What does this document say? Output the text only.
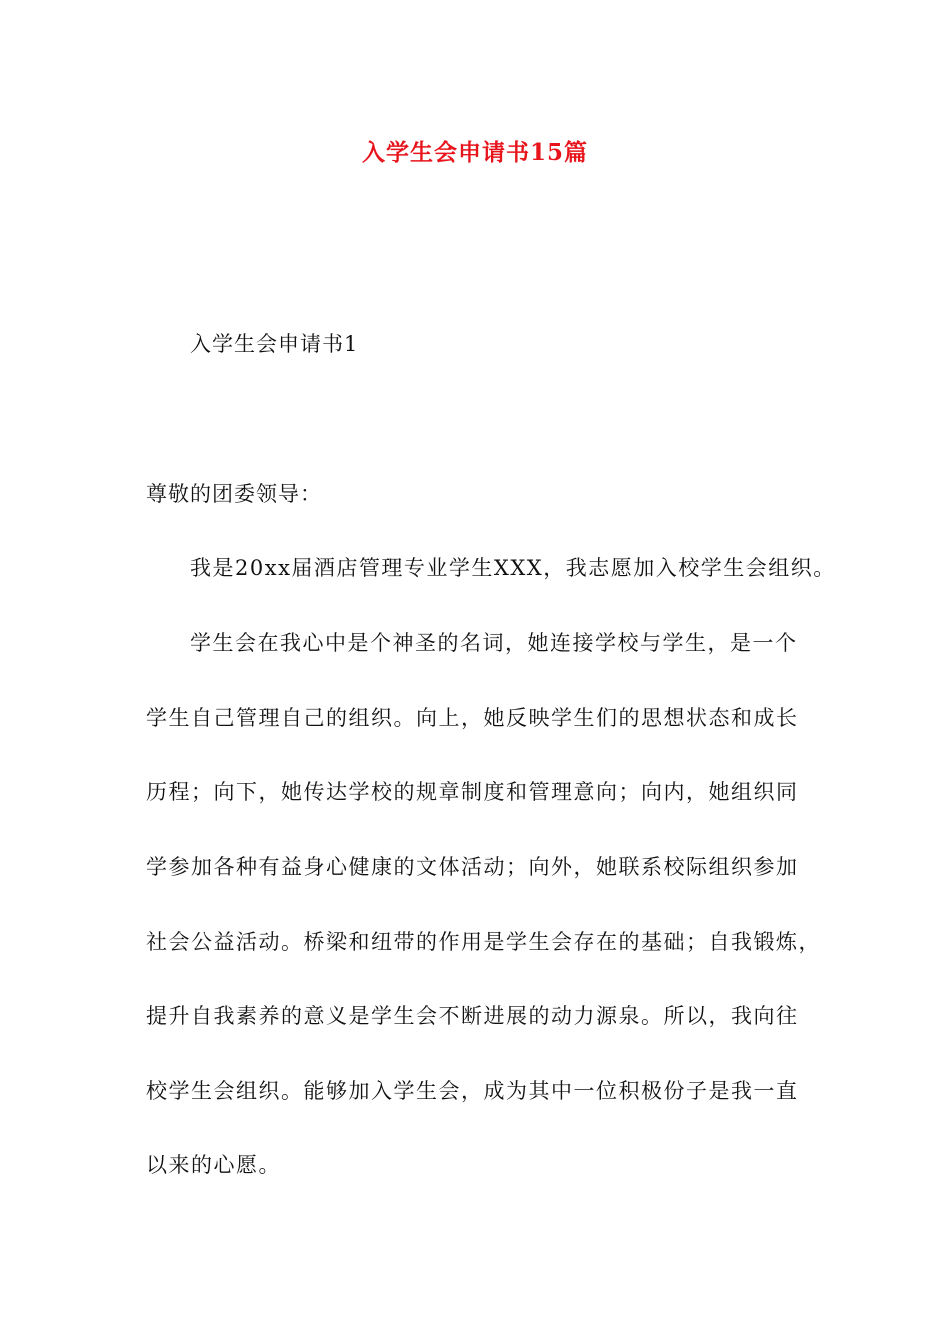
入学生会申请书15篇
入学生会申请书1
尊敬的团委领导：
我是20xx届酒店管理专业学生XXX，我志愿加入校学生会组织。
学生会在我心中是个神圣的名词，她连接学校与学生，是一个
学生自己管理自己的组织。向上，她反映学生们的思想状态和成长
历程；向下，她传达学校的规章制度和管理意向；向内，她组织同
学参加各种有益身心健康的文体活动；向外，她联系校际组织参加
社会公益活动。桥梁和纽带的作用是学生会存在的基础；自我锻炼，
提升自我素养的意义是学生会不断进展的动力源泉。所以，我向往
校学生会组织。能够加入学生会，成为其中一位积极份子是我一直
以来的心愿。
